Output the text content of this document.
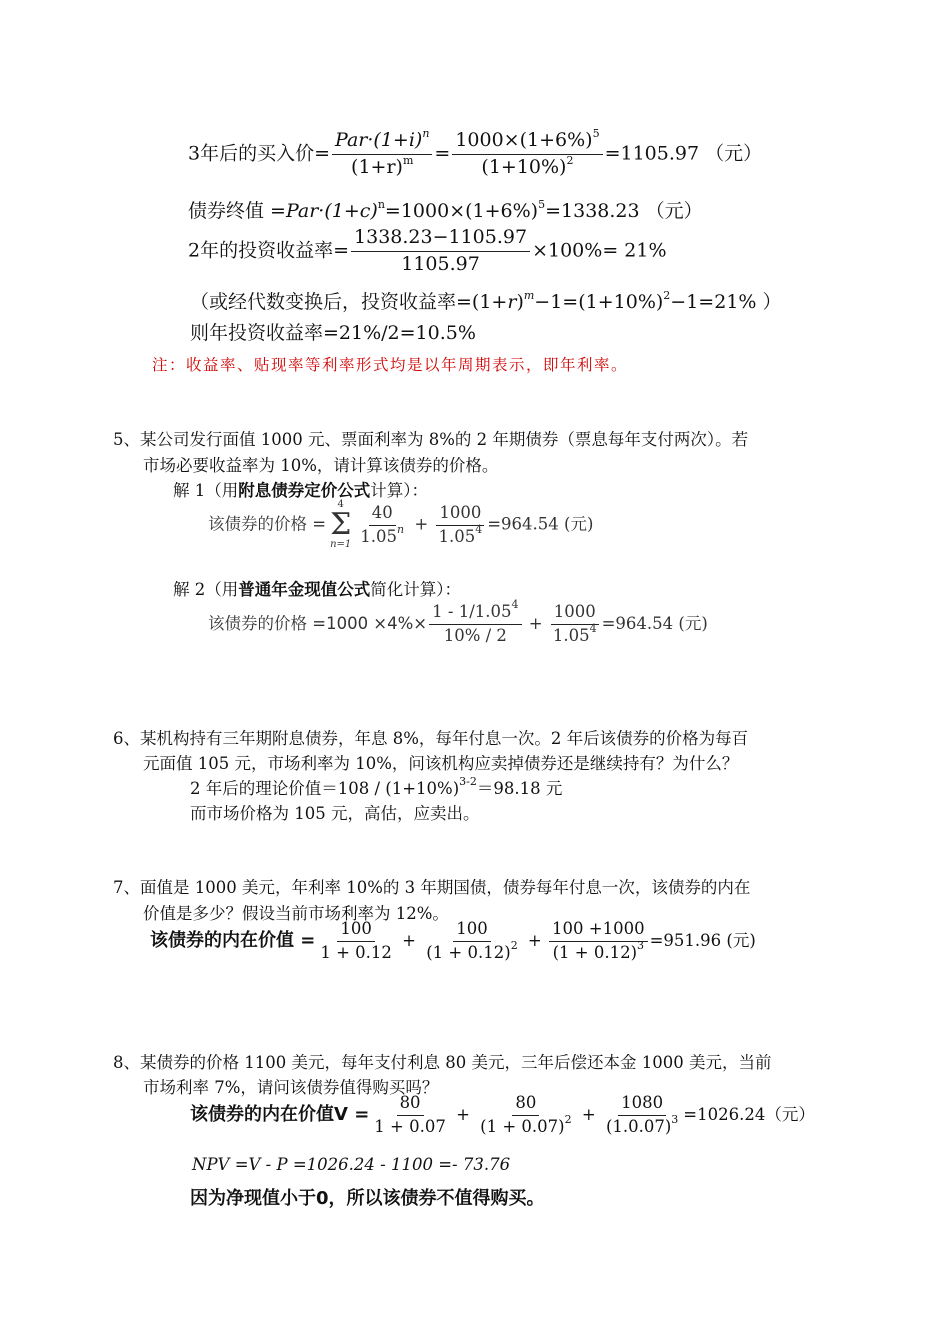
3年后的买入价= $\frac{Par\cdot(1+i)^n}{(1+r)^m} = \frac{1000\times(1+6\%)^5}{(1+10\%)^2} =1105.97$ （元）
债券终值 $=Par\cdot(1+c)^n=1000\times(1+6\%)^5=1338.23$ （元）
2年的投资收益率= $\frac{1338.23-1105.97}{1105.97} \times 100\%= 21\%$
（或经代数变换后，投资收益率$=(1+r)^m-1=(1+10\%)^2-1=21\%$ ）
则年投资收益率=21%/2=10.5%
注：收益率、贴现率等利率形式均是以年周期表示，即年利率。
5、某公司发行面值 1000 元、票面利率为 8%的 2 年期债券（票息每年支付两次）。若
市场必要收益率为 10%，请计算该债券的价格。
解 1（用附息债券定价公式计算）：
该债券的价格 =
4
Σ
$n=1 \frac{40}{1.05^n} + \frac{1000}{1.05^4} =964.54$ (元)
解 2（用普通年金现值公式简化计算）：
该债券的价格 $=1000 \times 4\%\times \frac{1 - 1/1.05^4}{10\% / 2} + \frac{1000}{1.05^4} =964.54$ (元)
6、某机构持有三年期附息债券，年息 8%，每年付息一次。2 年后该债券的价格为每百
元面值 105 元，市场利率为 10%，问该机构应卖掉债券还是继续持有？为什么？
2 年后的理论价值$=108 / (1+10\%)^{3-2}=98.18$ 元
而市场价格为 105 元，高估，应卖出。
7、面值是 1000 美元，年利率 10%的 3 年期国债，债券每年付息一次，该债券的内在
价值是多少？假设当前市场利率为 12%。
该债券的内在价值 = $\frac{100}{1 + 0.12} + \frac{100}{(1 + 0.12)^2} + \frac{100 +1000}{(1 + 0.12)^3} =951.96$ (元)
8、某债券的价格 1100 美元，每年支付利息 80 美元，三年后偿还本金 1000 美元，当前
市场利率 7%，请问该债券值得购买吗？
该债券的内在价值$V = \frac{80}{1 + 0.07} + \frac{80}{(1 + 0.07)^2} + \frac{1080}{(1.0.07)^3} =1026.24$（元）
NPV =V - P =1026.24 - 1100 =- 73.76
因为净现值小于0，所以该债券不值得购买。
